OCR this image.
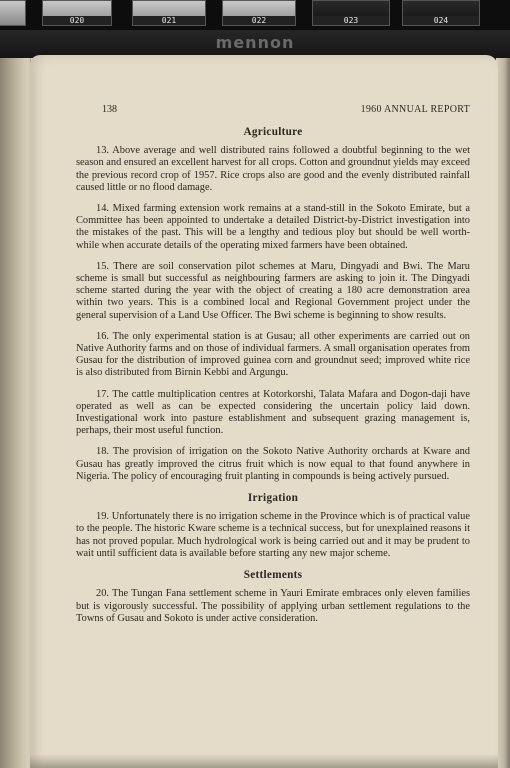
020	021	022	023	024
mennon
138	1960 ANNUAL REPORT
Agriculture

13. Above average and well distributed rains followed a doubtful beginning to the wet season and ensured an excellent harvest for all crops. Cotton and groundnut yields may exceed the previous record crop of 1957. Rice crops also are good and the evenly distributed rainfall caused little or no flood damage.

14. Mixed farming extension work remains at a stand-still in the Sokoto Emirate, but a Committee has been appointed to undertake a detailed District-by-District investigation into the mistakes of the past. This will be a lengthy and tedious ploy but should be well worth-while when accurate details of the operating mixed farmers have been obtained.

15. There are soil conservation pilot schemes at Maru, Dingyadi and Bwi. The Maru scheme is small but successful as neighbouring farmers are asking to join it. The Dingyadi scheme started during the year with the object of creating a 180 acre demonstration area within two years. This is a combined local and Regional Government project under the general supervision of a Land Use Officer. The Bwi scheme is beginning to show results.

16. The only experimental station is at Gusau; all other experiments are carried out on Native Authority farms and on those of individual farmers. A small organisation operates from Gusau for the distribution of improved guinea corn and groundnut seed; improved white rice is also distributed from Birnin Kebbi and Argungu.

17. The cattle multiplication centres at Kotorkorshi, Talata Mafara and Dogon-daji have operated as well as can be expected considering the uncertain policy laid down. Investigational work into pasture establishment and subsequent grazing management is, perhaps, their most useful function.

18. The provision of irrigation on the Sokoto Native Authority orchards at Kware and Gusau has greatly improved the citrus fruit which is now equal to that found anywhere in Nigeria. The policy of encouraging fruit planting in compounds is being actively pursued.

Irrigation

19. Unfortunately there is no irrigation scheme in the Province which is of practical value to the people. The historic Kware scheme is a technical success, but for unexplained reasons it has not proved popular. Much hydrological work is being carried out and it may be prudent to wait until sufficient data is available before starting any new major scheme.

Settlements

20. The Tungan Fana settlement scheme in Yauri Emirate embraces only eleven families but is vigorously successful. The possibility of applying urban settlement regulations to the Towns of Gusau and Sokoto is under active consideration.
